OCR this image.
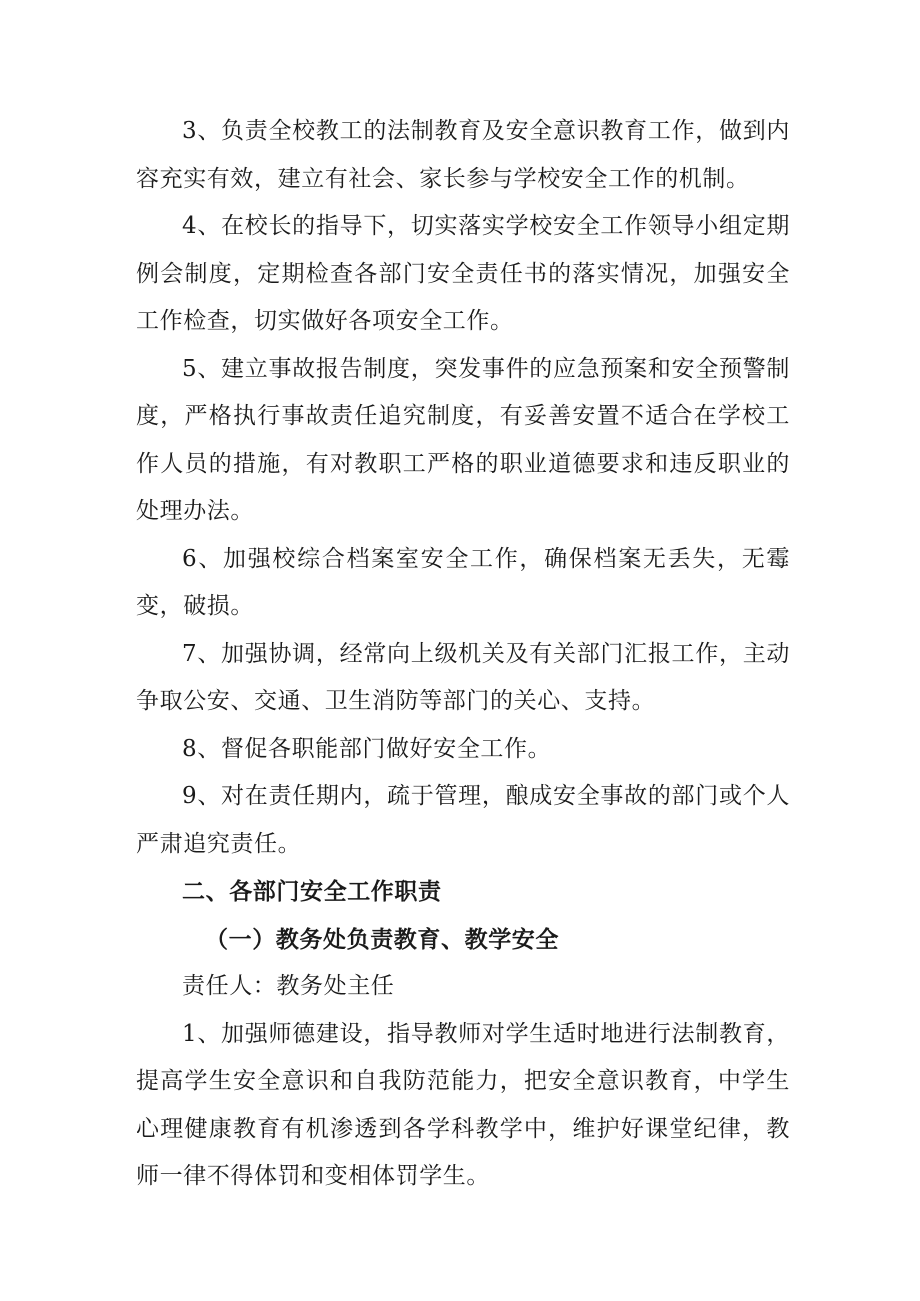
3、负责全校教工的法制教育及安全意识教育工作，做到内容充实有效，建立有社会、家长参与学校安全工作的机制。

4、在校长的指导下，切实落实学校安全工作领导小组定期例会制度，定期检查各部门安全责任书的落实情况，加强安全工作检查，切实做好各项安全工作。

5、建立事故报告制度，突发事件的应急预案和安全预警制度，严格执行事故责任追究制度，有妥善安置不适合在学校工作人员的措施，有对教职工严格的职业道德要求和违反职业的处理办法。

6、加强校综合档案室安全工作，确保档案无丢失，无霉变，破损。

7、加强协调，经常向上级机关及有关部门汇报工作，主动争取公安、交通、卫生消防等部门的关心、支持。

8、督促各职能部门做好安全工作。

9、对在责任期内，疏于管理，酿成安全事故的部门或个人严肃追究责任。

二、各部门安全工作职责

（一）教务处负责教育、教学安全

责任人：教务处主任

1、加强师德建设，指导教师对学生适时地进行法制教育，提高学生安全意识和自我防范能力，把安全意识教育，中学生心理健康教育有机渗透到各学科教学中，维护好课堂纪律，教师一律不得体罚和变相体罚学生。
